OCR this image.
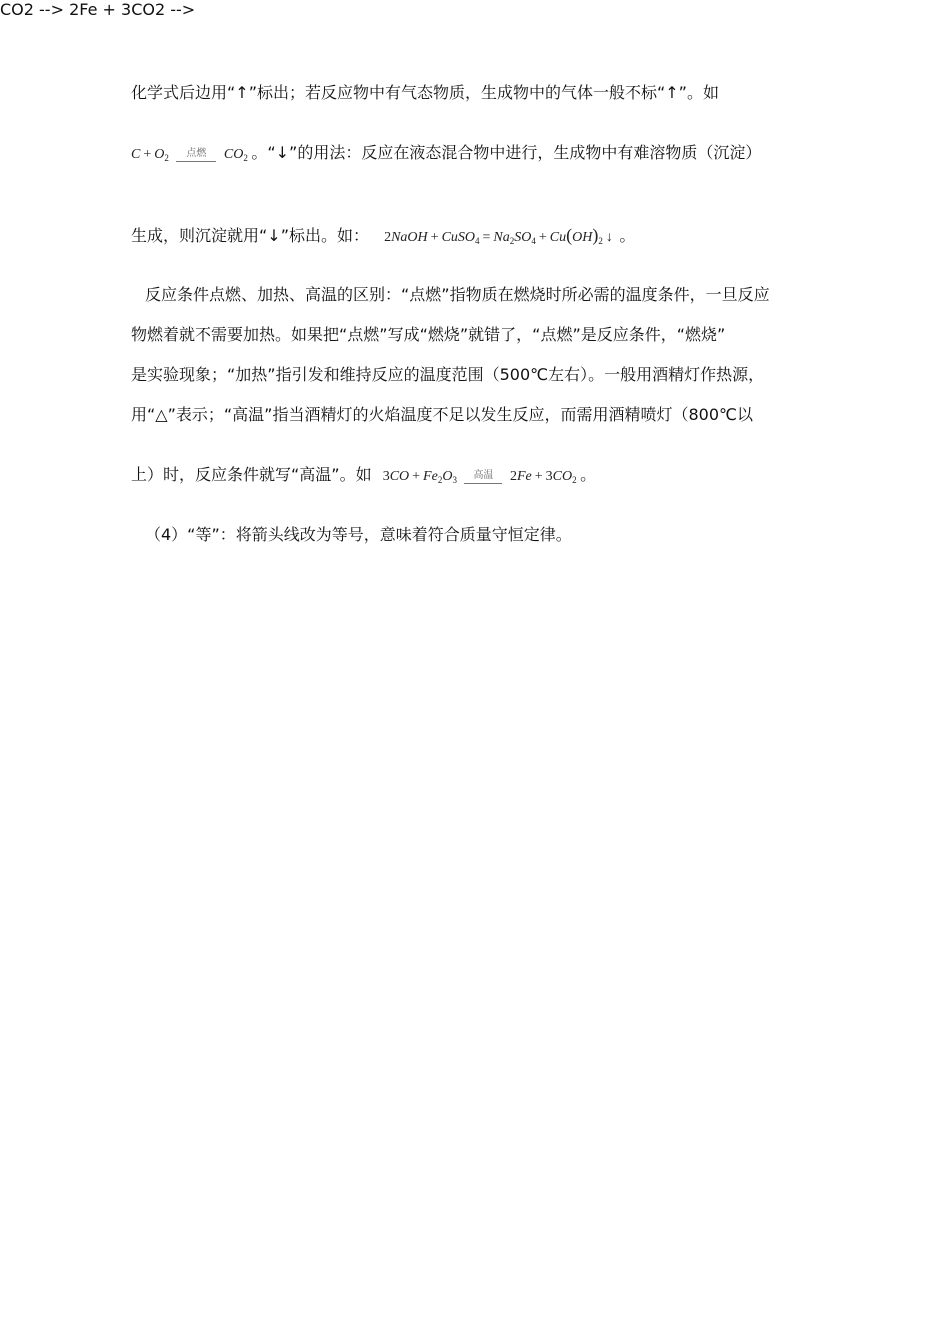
化学式后边用“↑”标出；若反应物中有气态物质，生成物中的气体一般不标“↑”。如
CO2 -->
$C + O_2$	点燃	$CO_2$ 。“↓”的用法：反应在液态混合物中进行，生成物中有难溶物质（沉淀）
生成，则沉淀就用“↓”标出。如： 2NaOH + CuSO$_4$ = $Na_2SO_4 + Cu(OH)_2$ ↓ 。
反应条件点燃、加热、高温的区别：“点燃”指物质在燃烧时所必需的温度条件，一旦反应
物燃着就不需要加热。如果把“点燃”写成“燃烧”就错了，“点燃”是反应条件，“燃烧”
是实验现象；“加热”指引发和维持反应的温度范围（500℃左右）。一般用酒精灯作热源，
用“△”表示；“高温”指当酒精灯的火焰温度不足以发生反应，而需用酒精喷灯（800℃以
2Fe + 3CO2 -->
上）时，反应条件就写“高温”。如 $3CO + Fe_2O_3$	高温	$2Fe + 3CO_2$ 。
（4）“等”：将箭头线改为等号，意味着符合质量守恒定律。
